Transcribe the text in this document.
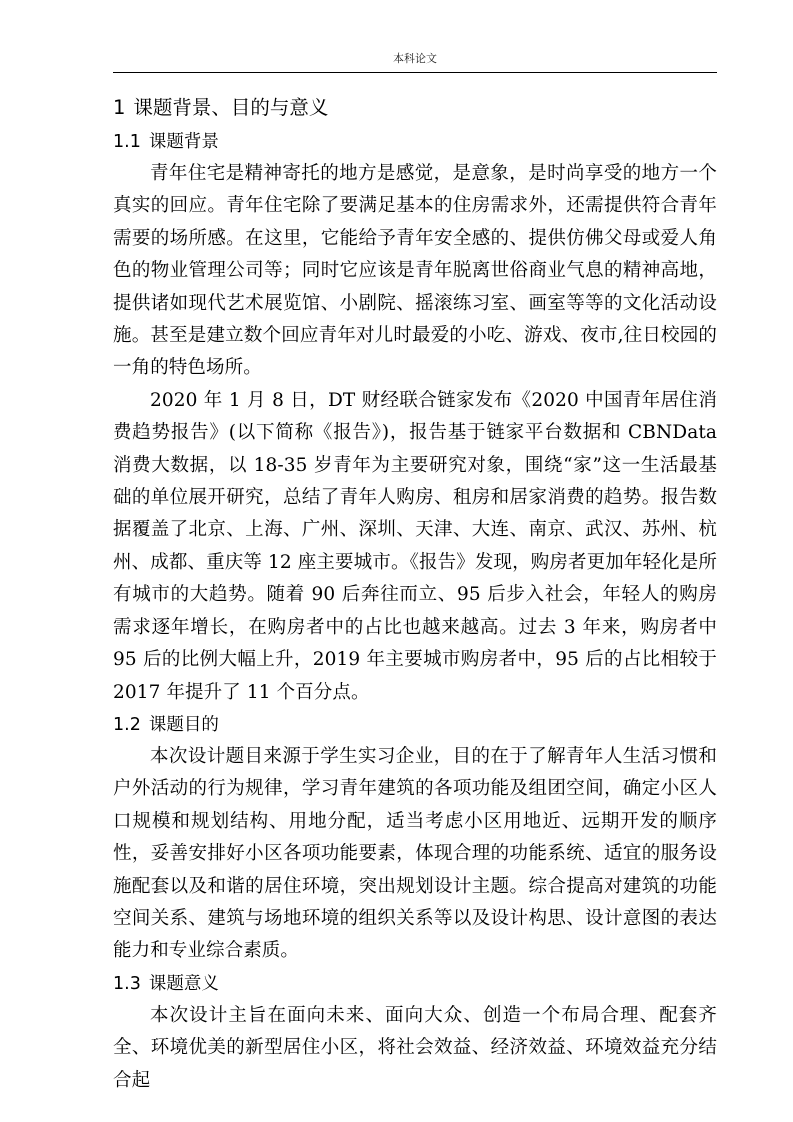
本科论文
1 课题背景、目的与意义
1.1 课题背景

青年住宅是精神寄托的地方是感觉，是意象，是时尚享受的地方一个真实的回应。青年住宅除了要满足基本的住房需求外，还需提供符合青年需要的场所感。在这里，它能给予青年安全感的、提供仿佛父母或爱人角色的物业管理公司等；同时它应该是青年脱离世俗商业气息的精神高地，提供诸如现代艺术展览馆、小剧院、摇滚练习室、画室等等的文化活动设施。甚至是建立数个回应青年对儿时最爱的小吃、游戏、夜市,往日校园的一角的特色场所。

2020 年 1 月 8 日，DT 财经联合链家发布《2020 中国青年居住消费趋势报告》(以下简称《报告》)，报告基于链家平台数据和 CBNData 消费大数据，以 18-35 岁青年为主要研究对象，围绕“家”这一生活最基础的单位展开研究，总结了青年人购房、租房和居家消费的趋势。报告数据覆盖了北京、上海、广州、深圳、天津、大连、南京、武汉、苏州、杭州、成都、重庆等 12 座主要城市。《报告》发现，购房者更加年轻化是所有城市的大趋势。随着 90 后奔往而立、95 后步入社会，年轻人的购房需求逐年增长，在购房者中的占比也越来越高。过去 3 年来，购房者中 95 后的比例大幅上升，2019 年主要城市购房者中，95 后的占比相较于 2017 年提升了 11 个百分点。

1.2 课题目的

本次设计题目来源于学生实习企业，目的在于了解青年人生活习惯和户外活动的行为规律，学习青年建筑的各项功能及组团空间，确定小区人口规模和规划结构、用地分配，适当考虑小区用地近、远期开发的顺序性，妥善安排好小区各项功能要素，体现合理的功能系统、适宜的服务设施配套以及和谐的居住环境，突出规划设计主题。综合提高对建筑的功能空间关系、建筑与场地环境的组织关系等以及设计构思、设计意图的表达能力和专业综合素质。

1.3 课题意义

本次设计主旨在面向未来、面向大众、创造一个布局合理、配套齐全、环境优美的新型居住小区，将社会效益、经济效益、环境效益充分结合起
